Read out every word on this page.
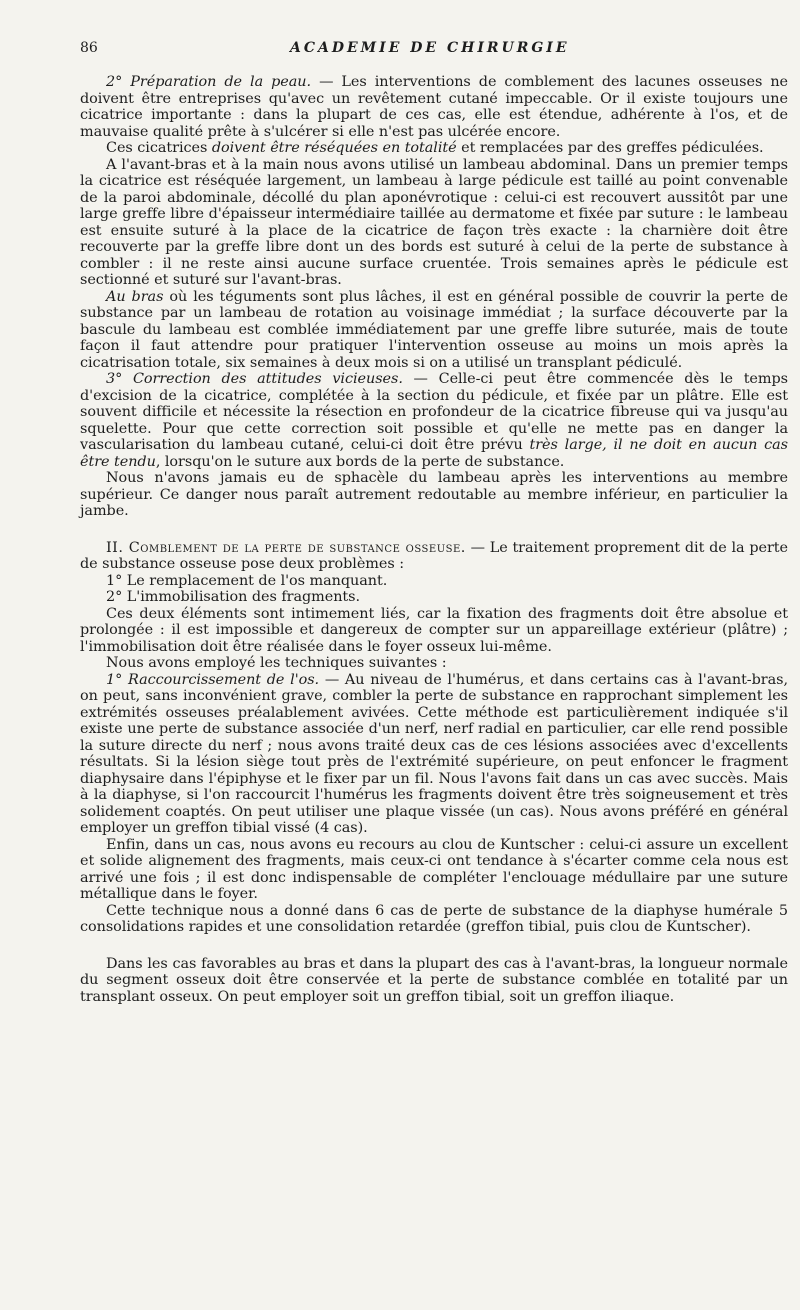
86	ACADEMIE DE CHIRURGIE

2° Préparation de la peau. — Les interventions de comblement des lacunes osseuses ne doivent être entreprises qu'avec un revêtement cutané impeccable. Or il existe toujours une cicatrice importante : dans la plupart de ces cas, elle est étendue, adhérente à l'os, et de mauvaise qualité prête à s'ulcérer si elle n'est pas ulcérée encore.

Ces cicatrices doivent être réséquées en totalité et remplacées par des greffes pédiculées.

A l'avant-bras et à la main nous avons utilisé un lambeau abdominal. Dans un premier temps la cicatrice est réséquée largement, un lambeau à large pédicule est taillé au point convenable de la paroi abdominale, décollé du plan aponévrotique : celui-ci est recouvert aussitôt par une large greffe libre d'épaisseur intermédiaire taillée au dermatome et fixée par suture : le lambeau est ensuite suturé à la place de la cicatrice de façon très exacte : la charnière doit être recouverte par la greffe libre dont un des bords est suturé à celui de la perte de substance à combler : il ne reste ainsi aucune surface cruentée. Trois semaines après le pédicule est sectionné et suturé sur l'avant-bras.

Au bras où les téguments sont plus lâches, il est en général possible de couvrir la perte de substance par un lambeau de rotation au voisinage immédiat ; la surface découverte par la bascule du lambeau est comblée immédiatement par une greffe libre suturée, mais de toute façon il faut attendre pour pratiquer l'intervention osseuse au moins un mois après la cicatrisation totale, six semaines à deux mois si on a utilisé un transplant pédiculé.

3° Correction des attitudes vicieuses. — Celle-ci peut être commencée dès le temps d'excision de la cicatrice, complétée à la section du pédicule, et fixée par un plâtre. Elle est souvent difficile et nécessite la résection en profondeur de la cicatrice fibreuse qui va jusqu'au squelette. Pour que cette correction soit possible et qu'elle ne mette pas en danger la vascularisation du lambeau cutané, celui-ci doit être prévu très large, il ne doit en aucun cas être tendu, lorsqu'on le suture aux bords de la perte de substance.

Nous n'avons jamais eu de sphacèle du lambeau après les interventions au membre supérieur. Ce danger nous paraît autrement redoutable au membre inférieur, en particulier la jambe.

II. Comblement de la perte de substance osseuse. — Le traitement proprement dit de la perte de substance osseuse pose deux problèmes :

1° Le remplacement de l'os manquant.

2° L'immobilisation des fragments.

Ces deux éléments sont intimement liés, car la fixation des fragments doit être absolue et prolongée : il est impossible et dangereux de compter sur un appareillage extérieur (plâtre) ; l'immobilisation doit être réalisée dans le foyer osseux lui-même.

Nous avons employé les techniques suivantes :

1° Raccourcissement de l'os. — Au niveau de l'humérus, et dans certains cas à l'avant-bras, on peut, sans inconvénient grave, combler la perte de substance en rapprochant simplement les extrémités osseuses préalablement avivées. Cette méthode est particulièrement indiquée s'il existe une perte de substance associée d'un nerf, nerf radial en particulier, car elle rend possible la suture directe du nerf ; nous avons traité deux cas de ces lésions associées avec d'excellents résultats. Si la lésion siège tout près de l'extrémité supérieure, on peut enfoncer le fragment diaphysaire dans l'épiphyse et le fixer par un fil. Nous l'avons fait dans un cas avec succès. Mais à la diaphyse, si l'on raccourcit l'humérus les fragments doivent être très soigneusement et très solidement coaptés. On peut utiliser une plaque vissée (un cas). Nous avons préféré en général employer un greffon tibial vissé (4 cas).

Enfin, dans un cas, nous avons eu recours au clou de Kuntscher : celui-ci assure un excellent et solide alignement des fragments, mais ceux-ci ont tendance à s'écarter comme cela nous est arrivé une fois ; il est donc indispensable de compléter l'enclouage médullaire par une suture métallique dans le foyer.

Cette technique nous a donné dans 6 cas de perte de substance de la diaphyse humérale 5 consolidations rapides et une consolidation retardée (greffon tibial, puis clou de Kuntscher).

Dans les cas favorables au bras et dans la plupart des cas à l'avant-bras, la longueur normale du segment osseux doit être conservée et la perte de substance comblée en totalité par un transplant osseux. On peut employer soit un greffon tibial, soit un greffon iliaque.
